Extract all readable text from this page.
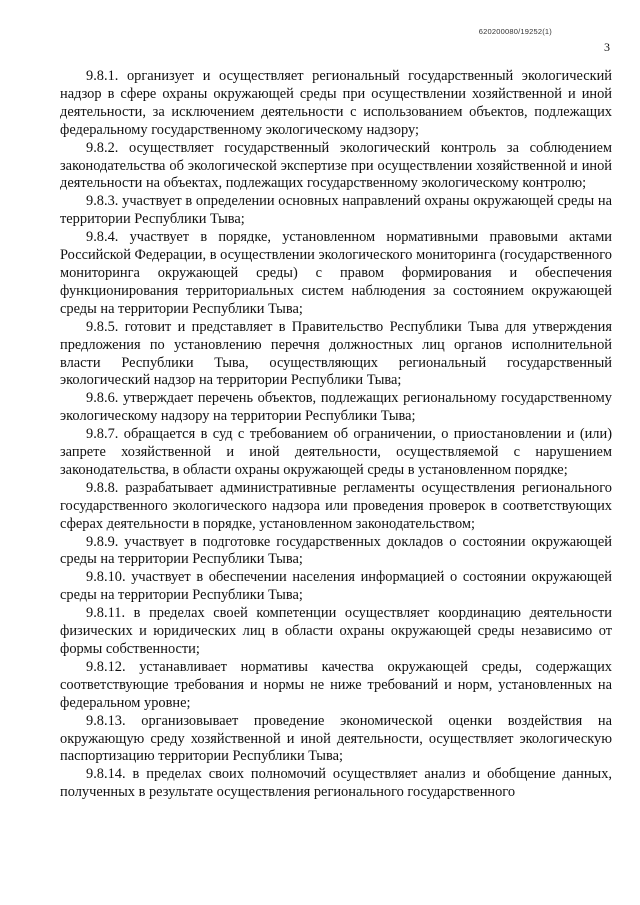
620200080/19252(1)
3

9.8.1. организует и осуществляет региональный государственный экологический надзор в сфере охраны окружающей среды при осуществлении хозяйственной и иной деятельности, за исключением деятельности с использованием объектов, подлежащих федеральному государственному экологическому надзору;

9.8.2. осуществляет государственный экологический контроль за соблюдением законодательства об экологической экспертизе при осуществлении хозяйственной и иной деятельности на объектах, подлежащих государственному экологическому контролю;

9.8.3. участвует в определении основных направлений охраны окружающей среды на территории Республики Тыва;

9.8.4. участвует в порядке, установленном нормативными правовыми актами Российской Федерации, в осуществлении экологического мониторинга (государственного мониторинга окружающей среды) с правом формирования и обеспечения функционирования территориальных систем наблюдения за состоянием окружающей среды на территории Республики Тыва;

9.8.5. готовит и представляет в Правительство Республики Тыва для утверждения предложения по установлению перечня должностных лиц органов исполнительной власти Республики Тыва, осуществляющих региональный государственный экологический надзор на территории Республики Тыва;

9.8.6. утверждает перечень объектов, подлежащих региональному государственному экологическому надзору на территории Республики Тыва;

9.8.7. обращается в суд с требованием об ограничении, о приостановлении и (или) запрете хозяйственной и иной деятельности, осуществляемой с нарушением законодательства, в области охраны окружающей среды в установленном порядке;

9.8.8. разрабатывает административные регламенты осуществления регионального государственного экологического надзора или проведения проверок в соответствующих сферах деятельности в порядке, установленном законодательством;

9.8.9. участвует в подготовке государственных докладов о состоянии окружающей среды на территории Республики Тыва;

9.8.10. участвует в обеспечении населения информацией о состоянии окружающей среды на территории Республики Тыва;

9.8.11. в пределах своей компетенции осуществляет координацию деятельности физических и юридических лиц в области охраны окружающей среды независимо от формы собственности;

9.8.12. устанавливает нормативы качества окружающей среды, содержащих соответствующие требования и нормы не ниже требований и норм, установленных на федеральном уровне;

9.8.13. организовывает проведение экономической оценки воздействия на окружающую среду хозяйственной и иной деятельности, осуществляет экологическую паспортизацию территории Республики Тыва;

9.8.14. в пределах своих полномочий осуществляет анализ и обобщение данных, полученных в результате осуществления регионального государственного
